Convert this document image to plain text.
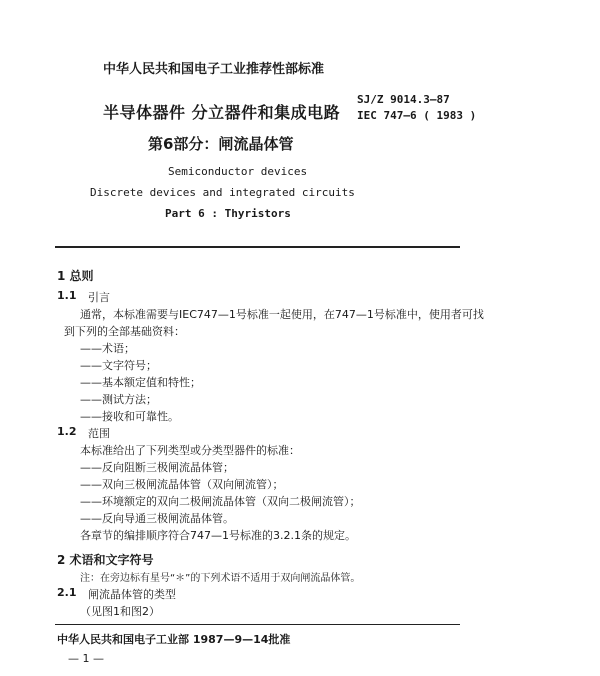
中华人民共和国电子工业推荐性部标准
半导体器件 分立器件和集成电路
SJ/Z 9014.3—87
IEC 747—6 ( 1983 )
第6部分：闸流晶体管
Semiconductor devices
Discrete devices and integrated circuits
Part 6 : Thyristors
1 总则
1.1 引言
通常，本标准需要与IEC747—1号标准一起使用，在747—1号标准中，使用者可找
到下列的全部基础资料：
——术语；
——文字符号；
——基本额定值和特性；
——测试方法；
——接收和可靠性。
1.2 范围
本标准给出了下列类型或分类型器件的标准：
——反向阻断三极闸流晶体管；
——双向三极闸流晶体管（双向闸流管）；
——环境额定的双向二极闸流晶体管（双向二极闸流管）；
——反向导通三极闸流晶体管。
各章节的编排顺序符合747—1号标准的3.2.1条的规定。
2 术语和文字符号
注：在旁边标有星号“＊”的下列术语不适用于双向闸流晶体管。
2.1 闸流晶体管的类型
（见图1和图2）
中华人民共和国电子工业部 1987—9—14批准
— 1 —
